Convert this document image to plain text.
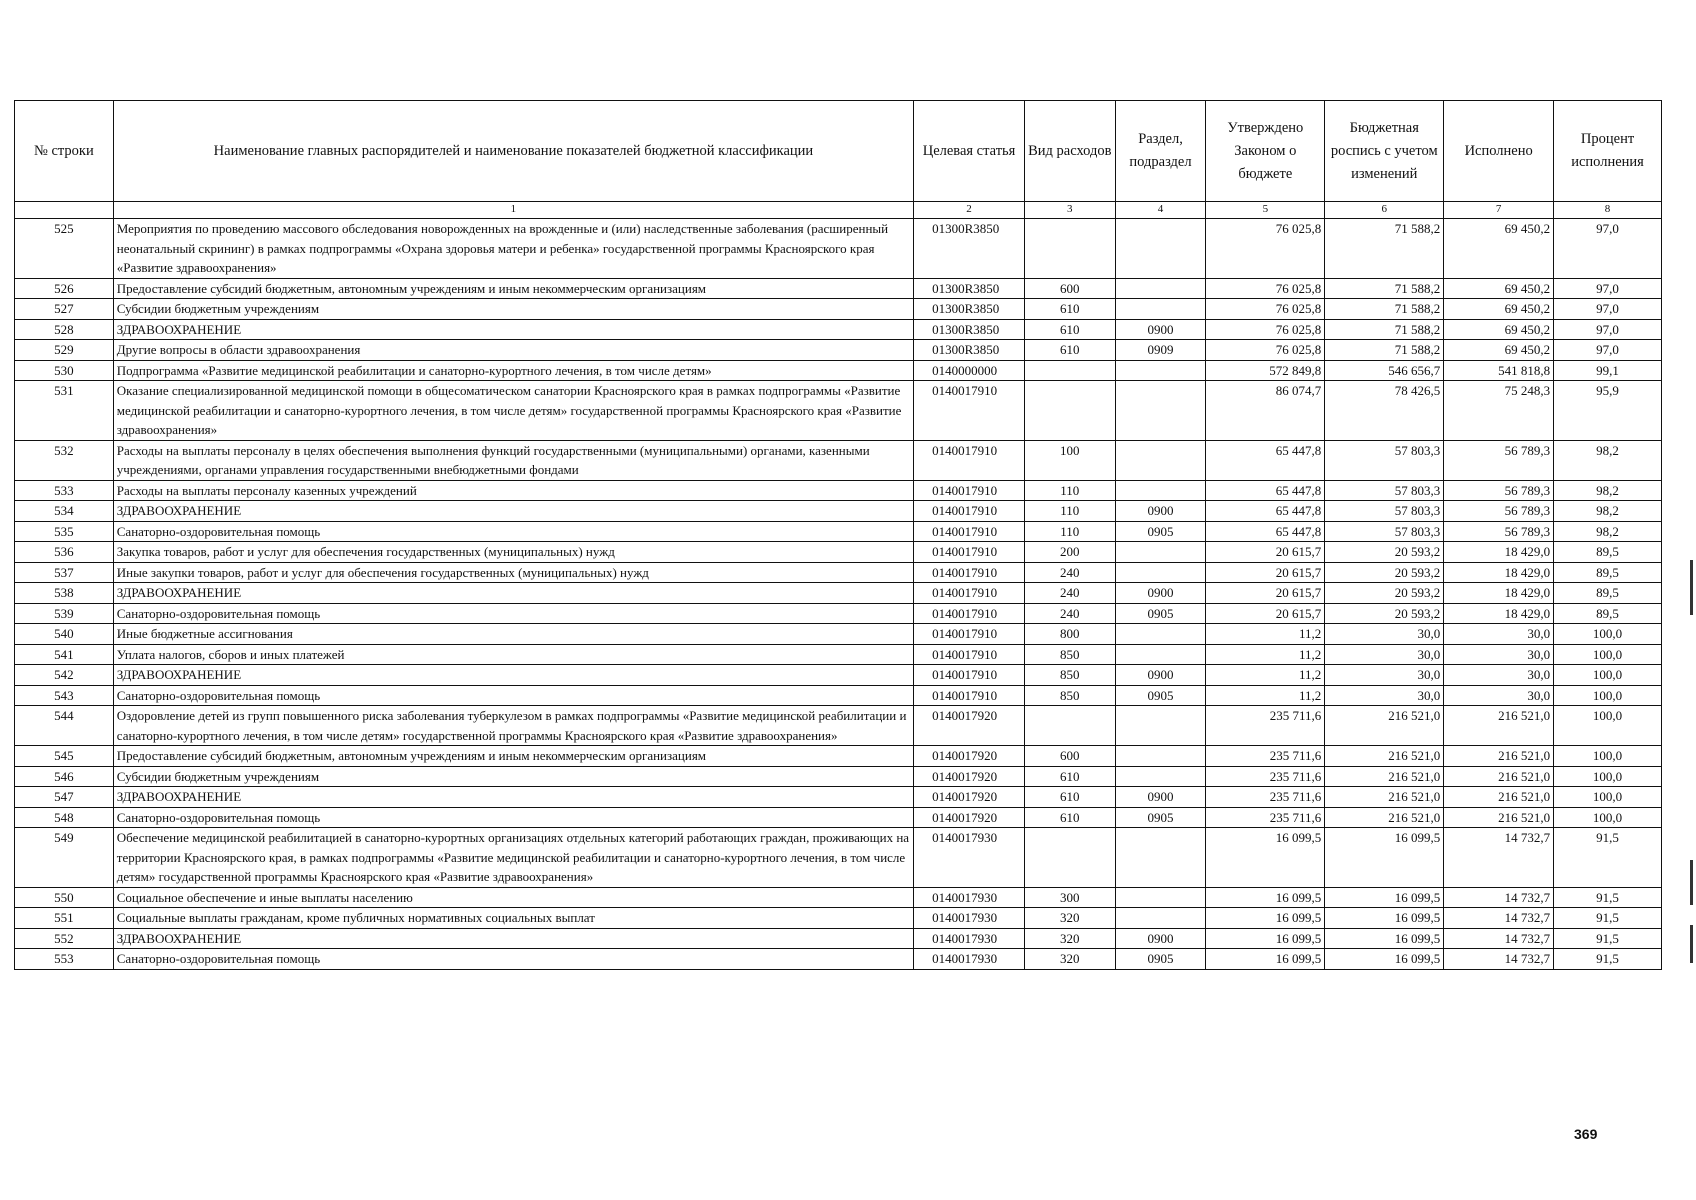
№ строки	Наименование главных распорядителей и наименование показателей бюджетной классификации	Целевая статья	Вид расходов	Раздел, подраздел	Утверждено Законом о бюджете	Бюджетная роспись с учетом изменений	Исполнено	Процент исполнения
	1	2	3	4	5	6	7	8
525	Мероприятия по проведению массового обследования новорожденных на врожденные и (или) наследственные заболевания (расширенный неонатальный скрининг) в рамках подпрограммы «Охрана здоровья матери и ребенка» государственной программы Красноярского края «Развитие здравоохранения»	01300R3850			76 025,8	71 588,2	69 450,2	97,0
526	Предоставление субсидий бюджетным, автономным учреждениям и иным некоммерческим организациям	01300R3850	600		76 025,8	71 588,2	69 450,2	97,0
527	Субсидии бюджетным учреждениям	01300R3850	610		76 025,8	71 588,2	69 450,2	97,0
528	ЗДРАВООХРАНЕНИЕ	01300R3850	610	0900	76 025,8	71 588,2	69 450,2	97,0
529	Другие вопросы в области здравоохранения	01300R3850	610	0909	76 025,8	71 588,2	69 450,2	97,0
530	Подпрограмма «Развитие медицинской реабилитации и санаторно-курортного лечения, в том числе детям»	0140000000			572 849,8	546 656,7	541 818,8	99,1
531	Оказание специализированной медицинской помощи в общесоматическом санатории Красноярского края в рамках подпрограммы «Развитие медицинской реабилитации и санаторно-курортного лечения, в том числе детям» государственной программы Красноярского края «Развитие здравоохранения»	0140017910			86 074,7	78 426,5	75 248,3	95,9
532	Расходы на выплаты персоналу в целях обеспечения выполнения функций государственными (муниципальными) органами, казенными учреждениями, органами управления государственными внебюджетными фондами	0140017910	100		65 447,8	57 803,3	56 789,3	98,2
533	Расходы на выплаты персоналу казенных учреждений	0140017910	110		65 447,8	57 803,3	56 789,3	98,2
534	ЗДРАВООХРАНЕНИЕ	0140017910	110	0900	65 447,8	57 803,3	56 789,3	98,2
535	Санаторно-оздоровительная помощь	0140017910	110	0905	65 447,8	57 803,3	56 789,3	98,2
536	Закупка товаров, работ и услуг для обеспечения государственных (муниципальных) нужд	0140017910	200		20 615,7	20 593,2	18 429,0	89,5
537	Иные закупки товаров, работ и услуг для обеспечения государственных (муниципальных) нужд	0140017910	240		20 615,7	20 593,2	18 429,0	89,5
538	ЗДРАВООХРАНЕНИЕ	0140017910	240	0900	20 615,7	20 593,2	18 429,0	89,5
539	Санаторно-оздоровительная помощь	0140017910	240	0905	20 615,7	20 593,2	18 429,0	89,5
540	Иные бюджетные ассигнования	0140017910	800		11,2	30,0	30,0	100,0
541	Уплата налогов, сборов и иных платежей	0140017910	850		11,2	30,0	30,0	100,0
542	ЗДРАВООХРАНЕНИЕ	0140017910	850	0900	11,2	30,0	30,0	100,0
543	Санаторно-оздоровительная помощь	0140017910	850	0905	11,2	30,0	30,0	100,0
544	Оздоровление детей из групп повышенного риска заболевания туберкулезом в рамках подпрограммы «Развитие медицинской реабилитации и санаторно-курортного лечения, в том числе детям» государственной программы Красноярского края «Развитие здравоохранения»	0140017920			235 711,6	216 521,0	216 521,0	100,0
545	Предоставление субсидий бюджетным, автономным учреждениям и иным некоммерческим организациям	0140017920	600		235 711,6	216 521,0	216 521,0	100,0
546	Субсидии бюджетным учреждениям	0140017920	610		235 711,6	216 521,0	216 521,0	100,0
547	ЗДРАВООХРАНЕНИЕ	0140017920	610	0900	235 711,6	216 521,0	216 521,0	100,0
548	Санаторно-оздоровительная помощь	0140017920	610	0905	235 711,6	216 521,0	216 521,0	100,0
549	Обеспечение медицинской реабилитацией в санаторно-курортных организациях отдельных категорий работающих граждан, проживающих на территории Красноярского края, в рамках подпрограммы «Развитие медицинской реабилитации и санаторно-курортного лечения, в том числе детям» государственной программы Красноярского края «Развитие здравоохранения»	0140017930			16 099,5	16 099,5	14 732,7	91,5
550	Социальное обеспечение и иные выплаты населению	0140017930	300		16 099,5	16 099,5	14 732,7	91,5
551	Социальные выплаты гражданам, кроме публичных нормативных социальных выплат	0140017930	320		16 099,5	16 099,5	14 732,7	91,5
552	ЗДРАВООХРАНЕНИЕ	0140017930	320	0900	16 099,5	16 099,5	14 732,7	91,5
553	Санаторно-оздоровительная помощь	0140017930	320	0905	16 099,5	16 099,5	14 732,7	91,5
369
